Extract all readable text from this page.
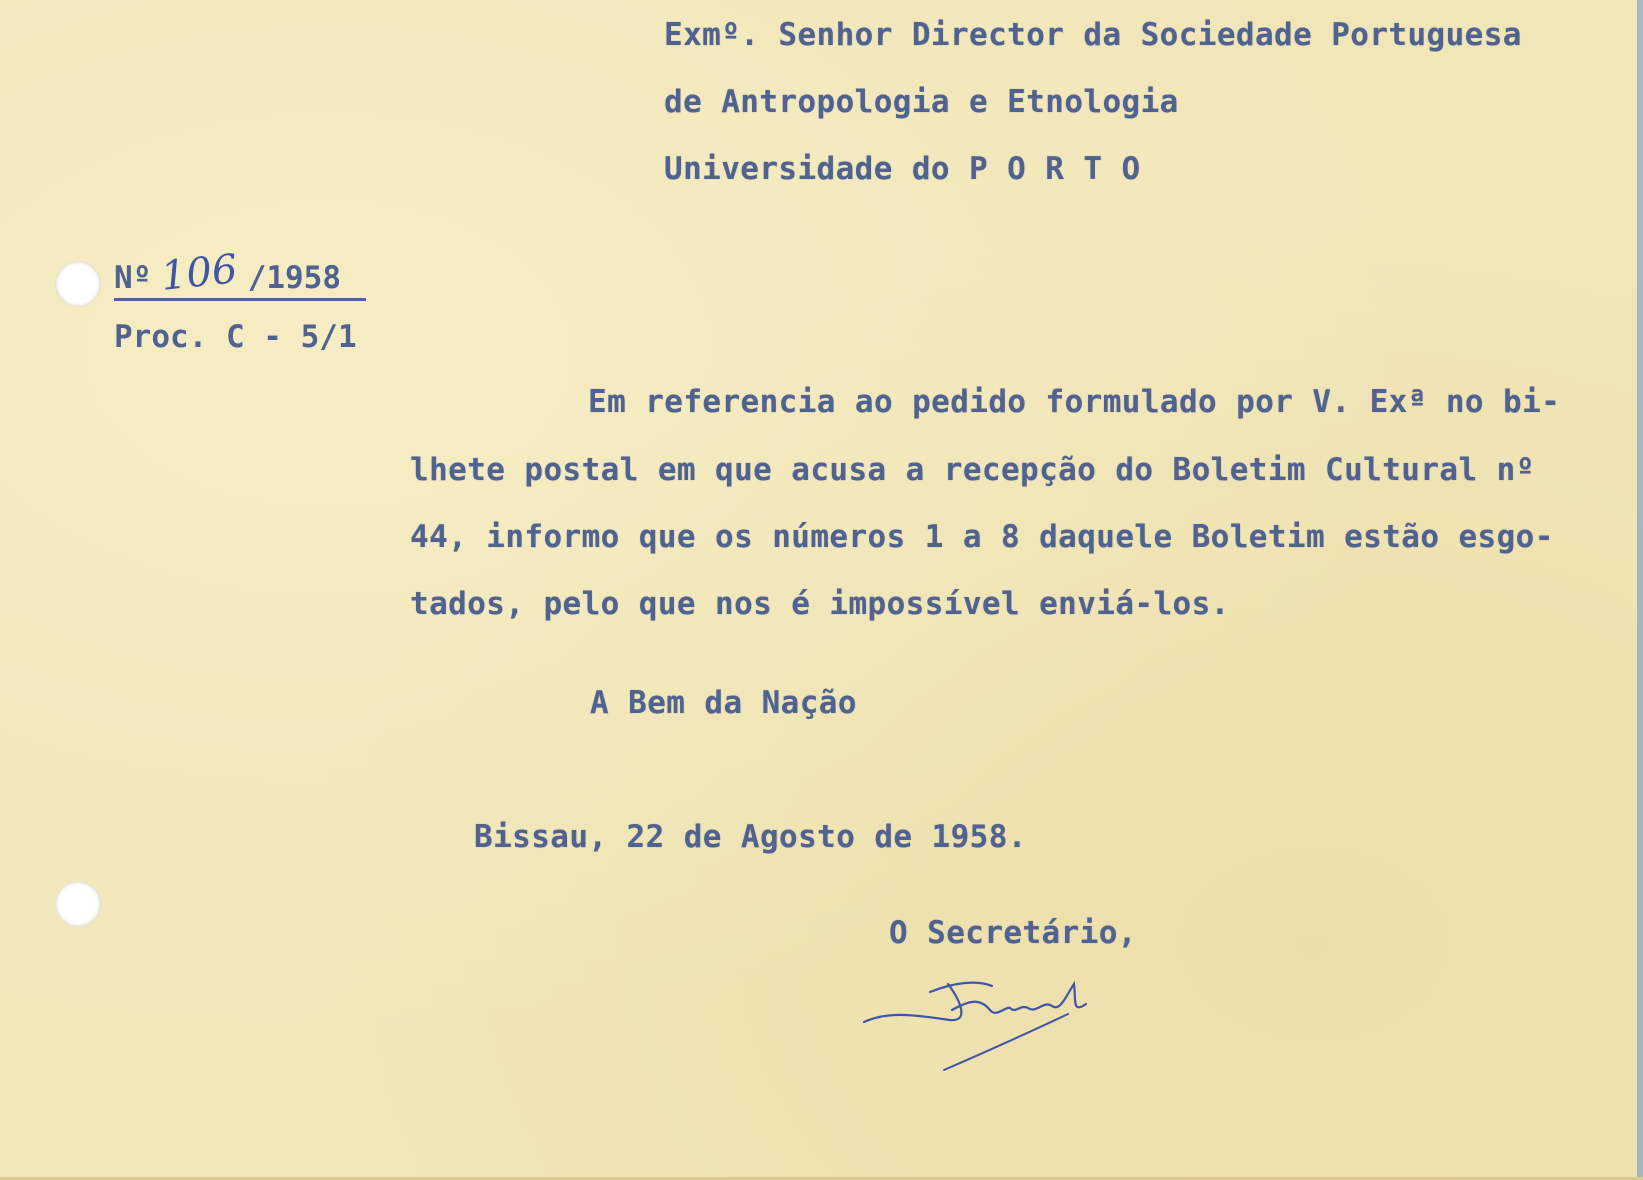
Exmº. Senhor Director da Sociedade Portuguesa

de Antropologia e Etnologia

Universidade do P O R T O

Nº 106 /1958
Proc. C - 5/1

Em referencia ao pedido formulado por V. Exª no bi-

lhete postal em que acusa a recepção do Boletim Cultural nº

44, informo que os números 1 a 8 daquele Boletim estão esgo-

tados, pelo que nos é impossível enviá-los.

A Bem da Nação

Bissau, 22 de Agosto de 1958.

O Secretário,
